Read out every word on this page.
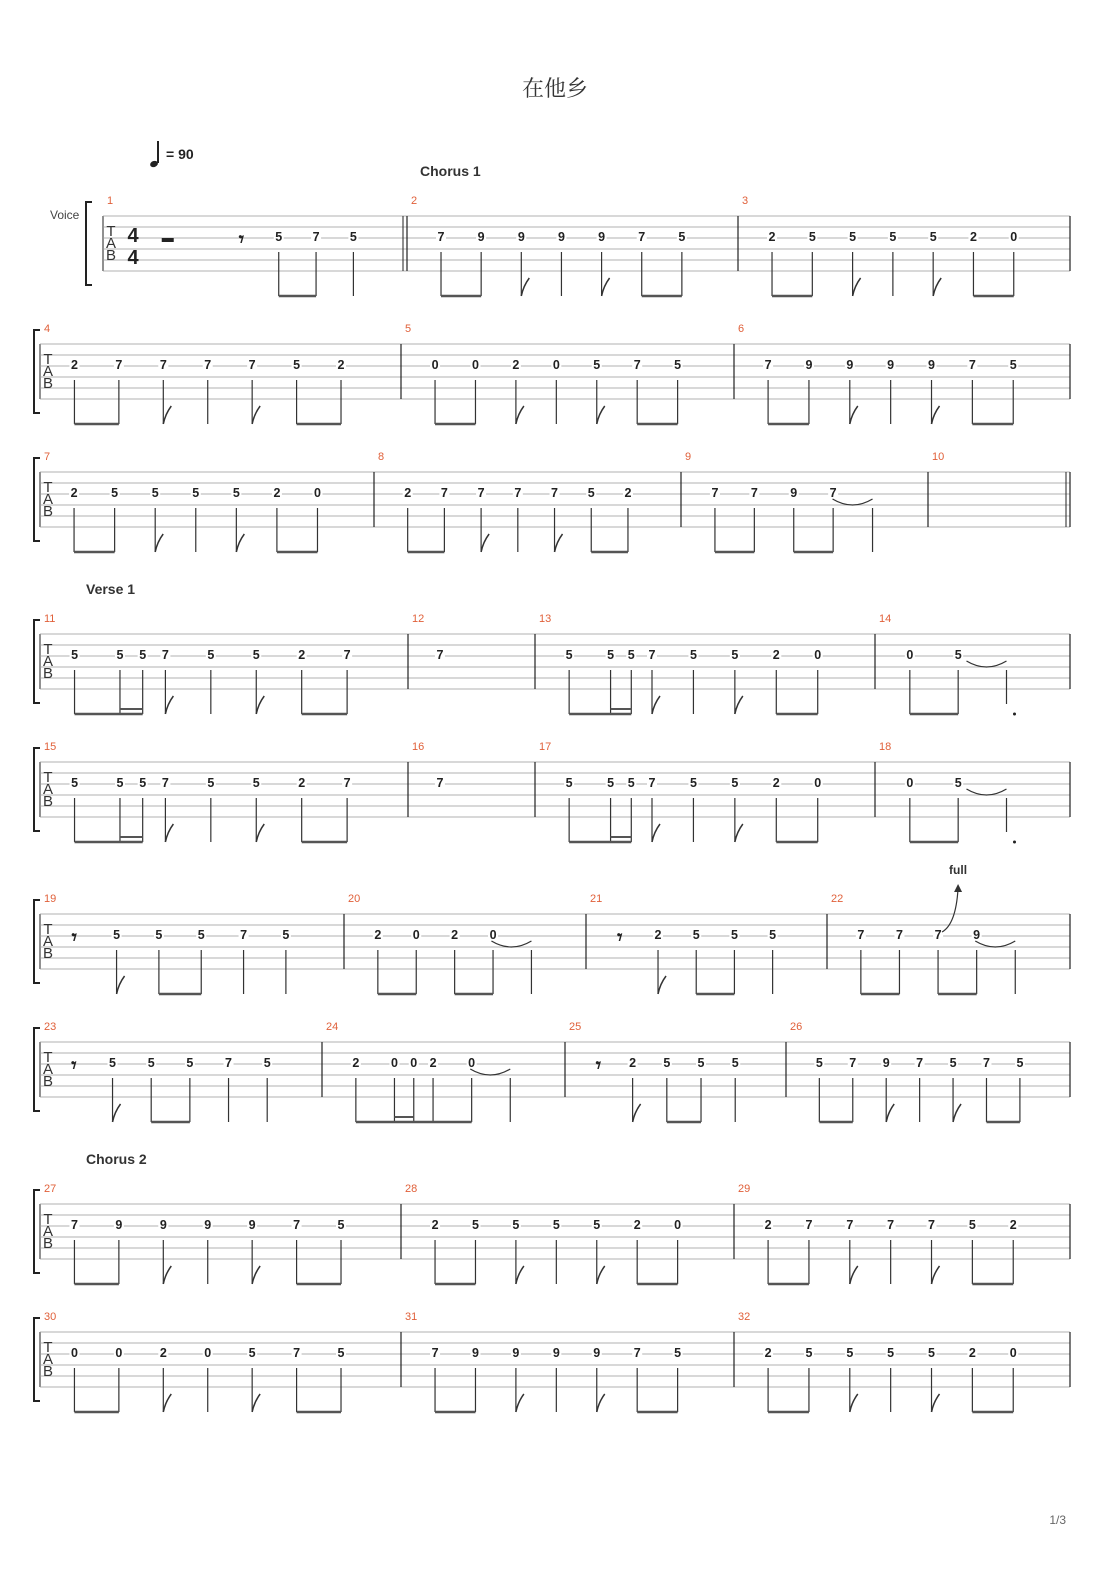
在他乡
= 90
T
A
B
Voice
4
4
1
𝄾 5 7 5
2
7	9	9	9	9	7	5
3
2	5	5	5	5	2	0
T
A
B
4
2	7	7	7	7	5	2
5
0	0	2	0	5	7	5
6
7	9	9	9	9	7	5
T
A
B
Chorus 1
7
2	5	5	5	5	2	0
8
2 7 7 7 7 5 2
9
7	7	9	7
10
T
A
B
Verse 1
11
5	5 5 7	5	5	2	7
12
7
13
5	5 5 7	5	5	2	0
14
0	5
T
A
B
15
5	5 5 7	5	5	2	7
16
7
17
5	5 5 7	5	5	2	0
18
0	5
T
A
B
19
𝄾	5	5	5	7	5
20
2	0	2	0
21
𝄾	2 5 5 5
22
7	7	7	9
full
T
A
B
23
𝄾	5	5	5	7	5
24
2	0 0 2	0
25
𝄾 2 5 5 5
26
5 7 9 7 5 7 5
T
A
B
Chorus 2
27
7	9	9	9	9	7	5
28
2	5	5	5	5	2	0
29
2	7	7	7	7	5	2
T
A
B
30
0	0	2	0	5	7	5
31
7	9	9	9	9	7	5
32
2	5	5	5	5	2	0
1/3
